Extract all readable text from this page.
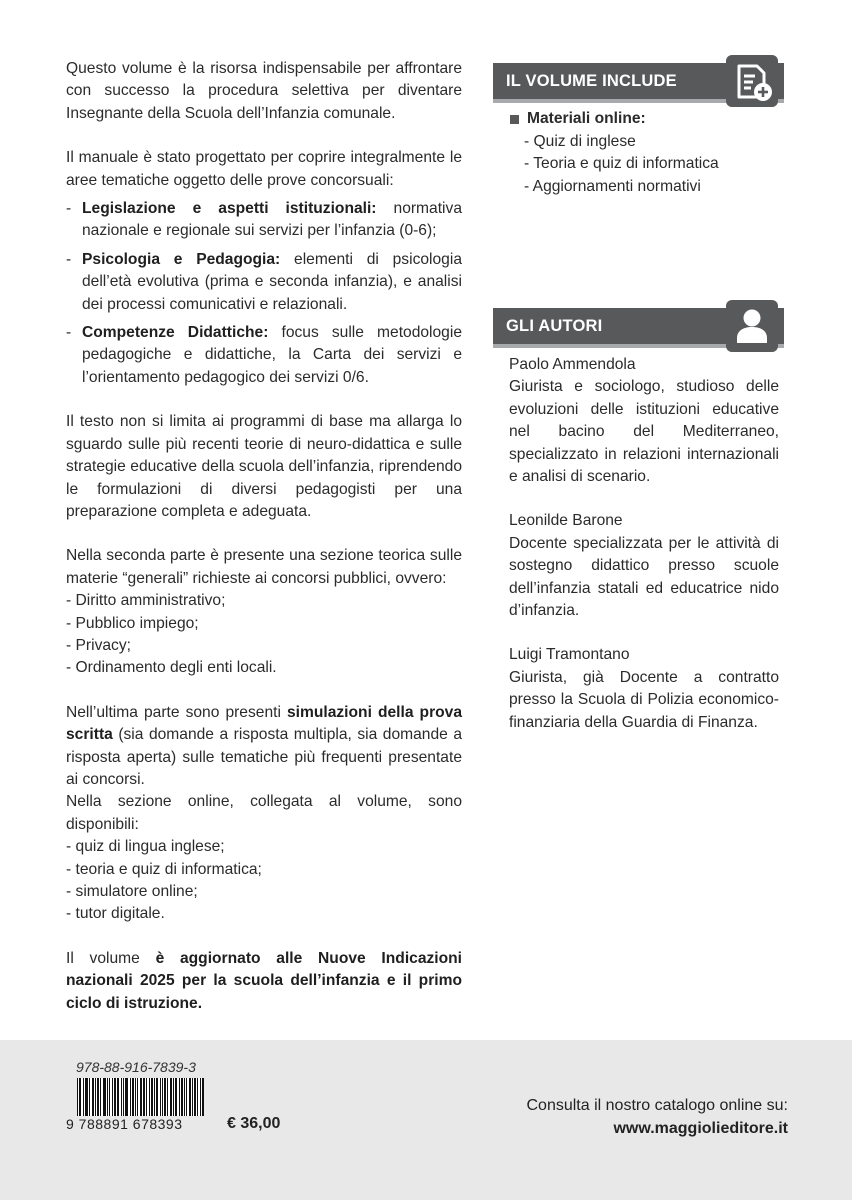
Questo volume è la risorsa indispensabile per affrontare con successo la procedura selettiva per diventare Insegnante della Scuola dell’Infanzia comunale.

Il manuale è stato progettato per coprire integralmente le aree tematiche oggetto delle prove concorsuali:

- Legislazione e aspetti istituzionali: normativa nazionale e regionale sui servizi per l’infanzia (0-6);
- Psicologia e Pedagogia: elementi di psicologia dell’età evolutiva (prima e seconda infanzia), e analisi dei processi comunicativi e relazionali.
- Competenze Didattiche: focus sulle metodologie pedagogiche e didattiche, la Carta dei servizi e l’orientamento pedagogico dei servizi 0/6.

Il testo non si limita ai programmi di base ma allarga lo sguardo sulle più recenti teorie di neuro-didattica e sulle strategie educative della scuola dell’infanzia, riprendendo le formulazioni di diversi pedagogisti per una preparazione completa e adeguata.

Nella seconda parte è presente una sezione teorica sulle materie “generali” richieste ai concorsi pubblici, ovvero:

- Diritto amministrativo;
- Pubblico impiego;
- Privacy;
- Ordinamento degli enti locali.

Nell’ultima parte sono presenti simulazioni della prova scritta (sia domande a risposta multipla, sia domande a risposta aperta) sulle tematiche più frequenti presentate ai concorsi.

Nella sezione online, collegata al volume, sono disponibili:

- quiz di lingua inglese;
- teoria e quiz di informatica;
- simulatore online;
- tutor digitale.

Il volume è aggiornato alle Nuove Indicazioni nazionali 2025 per la scuola dell’infanzia e il primo ciclo di istruzione.

IL VOLUME INCLUDE
Materiali online:
- Quiz di inglese
- Teoria e quiz di informatica
- Aggiornamenti normativi
GLI AUTORI

Paolo Ammendola

Giurista e sociologo, studioso delle evoluzioni delle istituzioni educative nel bacino del Mediterraneo, specializzato in relazioni internazionali e analisi di scenario.

Leonilde Barone

Docente specializzata per le attività di sostegno didattico presso scuole dell’infanzia statali ed educatrice nido d’infanzia.

Luigi Tramontano

Giurista, già Docente a contratto presso la Scuola di Polizia economico-finanziaria della Guardia di Finanza.

978-88-916-7839-3
9 788891 678393	€ 36,00
Consulta il nostro catalogo online su:
www.maggiolieditore.it
